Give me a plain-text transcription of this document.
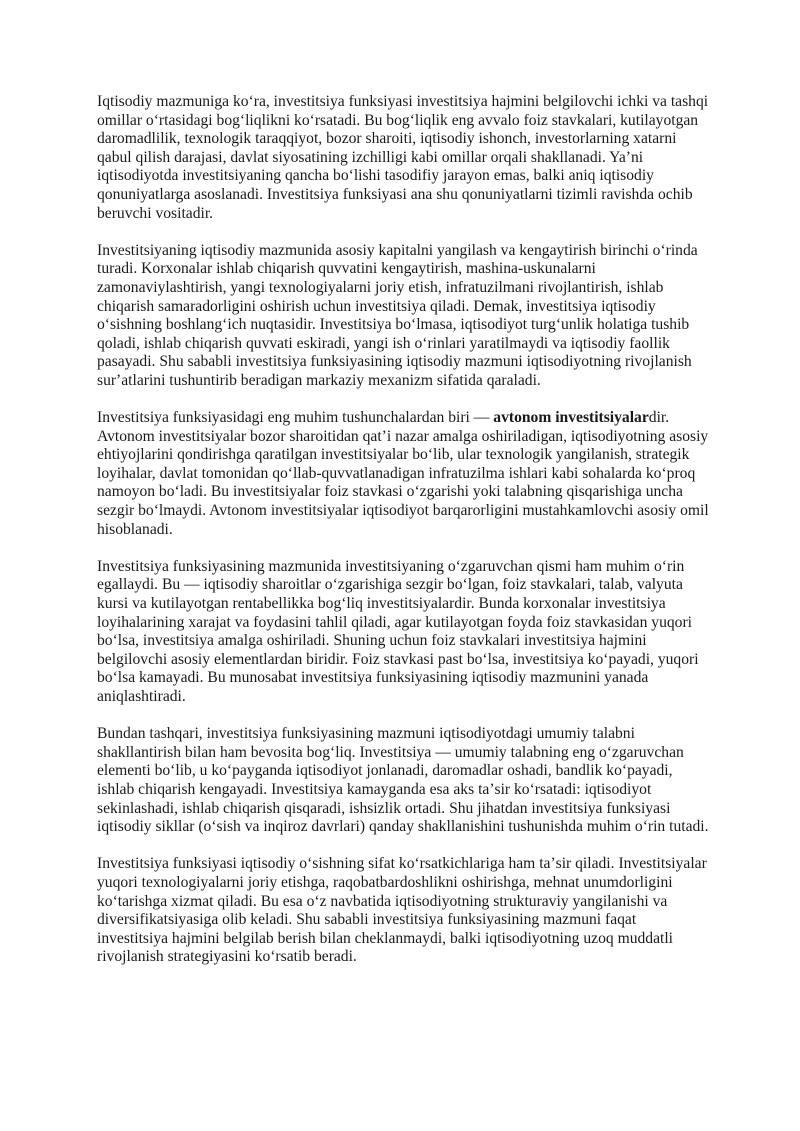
Iqtisodiy mazmuniga koʻra, investitsiya funksiyasi investitsiya hajmini belgilovchi ichki va tashqi omillar oʻrtasidagi bogʻliqlikni koʻrsatadi. Bu bogʻliqlik eng avvalo foiz stavkalari, kutilayotgan daromadlilik, texnologik taraqqiyot, bozor sharoiti, iqtisodiy ishonch, investorlarning xatarni qabul qilish darajasi, davlat siyosatining izchilligi kabi omillar orqali shakllanadi. Yaʼni iqtisodiyotda investitsiyaning qancha boʻlishi tasodifiy jarayon emas, balki aniq iqtisodiy qonuniyatlarga asoslanadi. Investitsiya funksiyasi ana shu qonuniyatlarni tizimli ravishda ochib beruvchi vositadir.

Investitsiyaning iqtisodiy mazmunida asosiy kapitalni yangilash va kengaytirish birinchi oʻrinda turadi. Korxonalar ishlab chiqarish quvvatini kengaytirish, mashina-uskunalarni zamonaviylashtirish, yangi texnologiyalarni joriy etish, infratuzilmani rivojlantirish, ishlab chiqarish samaradorligini oshirish uchun investitsiya qiladi. Demak, investitsiya iqtisodiy oʻsishning boshlangʻich nuqtasidir. Investitsiya boʻlmasa, iqtisodiyot turgʻunlik holatiga tushib qoladi, ishlab chiqarish quvvati eskiradi, yangi ish oʻrinlari yaratilmaydi va iqtisodiy faollik pasayadi. Shu sababli investitsiya funksiyasining iqtisodiy mazmuni iqtisodiyotning rivojlanish surʼatlarini tushuntirib beradigan markaziy mexanizm sifatida qaraladi.

Investitsiya funksiyasidagi eng muhim tushunchalardan biri — avtonom investitsiyalardir. Avtonom investitsiyalar bozor sharoitidan qatʼi nazar amalga oshiriladigan, iqtisodiyotning asosiy ehtiyojlarini qondirishga qaratilgan investitsiyalar boʻlib, ular texnologik yangilanish, strategik loyihalar, davlat tomonidan qoʻllab-quvvatlanadigan infratuzilma ishlari kabi sohalarda koʻproq namoyon boʻladi. Bu investitsiyalar foiz stavkasi oʻzgarishi yoki talabning qisqarishiga uncha sezgir boʻlmaydi. Avtonom investitsiyalar iqtisodiyot barqarorligini mustahkamlovchi asosiy omil hisoblanadi.

Investitsiya funksiyasining mazmunida investitsiyaning oʻzgaruvchan qismi ham muhim oʻrin egallaydi. Bu — iqtisodiy sharoitlar oʻzgarishiga sezgir boʻlgan, foiz stavkalari, talab, valyuta kursi va kutilayotgan rentabellikka bogʻliq investitsiyalardir. Bunda korxonalar investitsiya loyihalarining xarajat va foydasini tahlil qiladi, agar kutilayotgan foyda foiz stavkasidan yuqori boʻlsa, investitsiya amalga oshiriladi. Shuning uchun foiz stavkalari investitsiya hajmini belgilovchi asosiy elementlardan biridir. Foiz stavkasi past boʻlsa, investitsiya koʻpayadi, yuqori boʻlsa kamayadi. Bu munosabat investitsiya funksiyasining iqtisodiy mazmunini yanada aniqlashtiradi.

Bundan tashqari, investitsiya funksiyasining mazmuni iqtisodiyotdagi umumiy talabni shakllantirish bilan ham bevosita bogʻliq. Investitsiya — umumiy talabning eng oʻzgaruvchan elementi boʻlib, u koʻpayganda iqtisodiyot jonlanadi, daromadlar oshadi, bandlik koʻpayadi, ishlab chiqarish kengayadi. Investitsiya kamayganda esa aks taʼsir koʻrsatadi: iqtisodiyot sekinlashadi, ishlab chiqarish qisqaradi, ishsizlik ortadi. Shu jihatdan investitsiya funksiyasi iqtisodiy sikllar (oʻsish va inqiroz davrlari) qanday shakllanishini tushunishda muhim oʻrin tutadi.

Investitsiya funksiyasi iqtisodiy oʻsishning sifat koʻrsatkichlariga ham taʼsir qiladi. Investitsiyalar yuqori texnologiyalarni joriy etishga, raqobatbardoshlikni oshirishga, mehnat unumdorligini koʻtarishga xizmat qiladi. Bu esa oʻz navbatida iqtisodiyotning strukturaviy yangilanishi va diversifikatsiyasiga olib keladi. Shu sababli investitsiya funksiyasining mazmuni faqat investitsiya hajmini belgilab berish bilan cheklanmaydi, balki iqtisodiyotning uzoq muddatli rivojlanish strategiyasini koʻrsatib beradi.
